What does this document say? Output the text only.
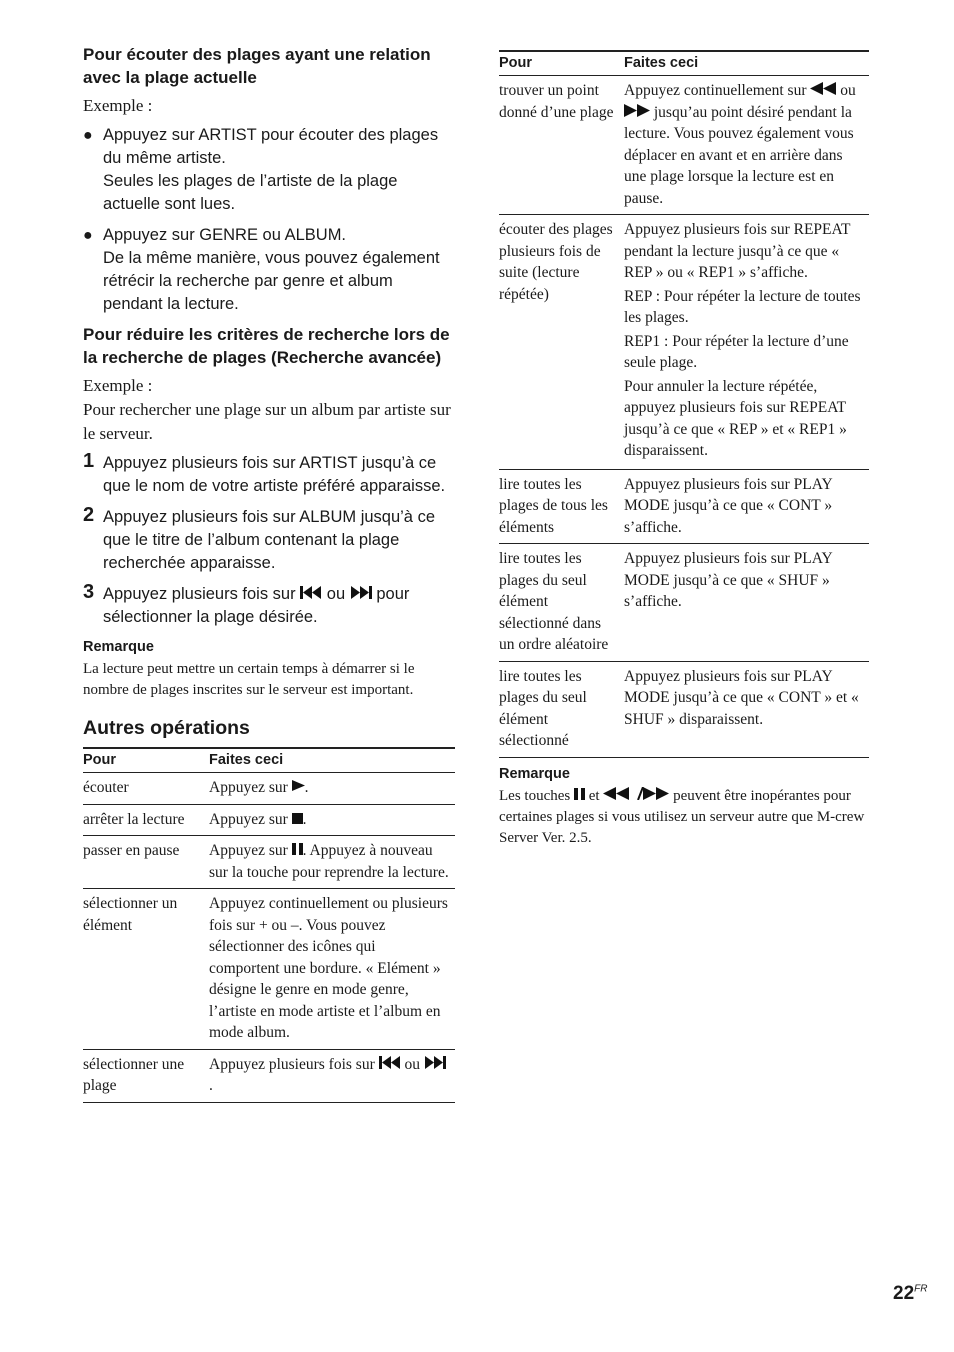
Pour écouter des plages ayant une relation avec la plage actuelle

Exemple :

● Appuyez sur ARTIST pour écouter des plages du même artiste.
Seules les plages de l’artiste de la plage actuelle sont lues.
● Appuyez sur GENRE ou ALBUM.
De la même manière, vous pouvez également rétrécir la recherche par genre et album pendant la lecture.
Pour réduire les critères de recherche lors de la recherche de plages (Recherche avancée)

Exemple :

Pour rechercher une plage sur un album par artiste sur le serveur.

1 Appuyez plusieurs fois sur ARTIST jusqu’à ce que le nom de votre artiste préféré apparaisse.
2 Appuyez plusieurs fois sur ALBUM jusqu’à ce que le titre de l’album contenant la plage recherchée apparaisse.
3 Appuyez plusieurs fois sur ou pour sélectionner la plage désirée.

Remarque

La lecture peut mettre un certain temps à démarrer si le nombre de plages inscrites sur le serveur est important.

Autres opérations
Pour	Faites ceci
écouter	Appuyez sur .
arrêter la lecture	Appuyez sur .
passer en pause	Appuyez sur . Appuyez à nouveau sur la touche pour reprendre la lecture.
sélectionner un élément	Appuyez continuellement ou plusieurs fois sur + ou –. Vous pouvez sélectionner des icônes qui comportent une bordure. « Elément » désigne le genre en mode genre, l’artiste en mode artiste et l’album en mode album.
sélectionner une plage	Appuyez plusieurs fois sur ou .
Pour	Faites ceci
trouver un point donné d’une plage	Appuyez continuellement sur ou  jusqu’au point désiré pendant la lecture. Vous pouvez également vous déplacer en avant et en arrière dans une plage lorsque la lecture est en pause.
écouter des plages plusieurs fois de suite (lecture répétée)	Appuyez plusieurs fois sur REPEAT pendant la lecture jusqu’à ce que « REP » ou « REP1 » s’affiche.

REP : Pour répéter la lecture de toutes les plages.

REP1 : Pour répéter la lecture d’une seule plage.

Pour annuler la lecture répétée, appuyez plusieurs fois sur REPEAT jusqu’à ce que « REP » et « REP1 » disparaissent.

lire toutes les plages de tous les éléments	Appuyez plusieurs fois sur PLAY MODE jusqu’à ce que « CONT » s’affiche.
lire toutes les plages du seul élément sélectionné dans un ordre aléatoire	Appuyez plusieurs fois sur PLAY MODE jusqu’à ce que « SHUF » s’affiche.
lire toutes les plages du seul élément sélectionné	Appuyez plusieurs fois sur PLAY MODE jusqu’à ce que « CONT » et « SHUF » disparaissent.

Remarque

Les touches et	peuvent être inopérantes pour certaines plages si vous utilisez un serveur autre que M-crew Server Ver. 2.5.

$22^{FR}$
